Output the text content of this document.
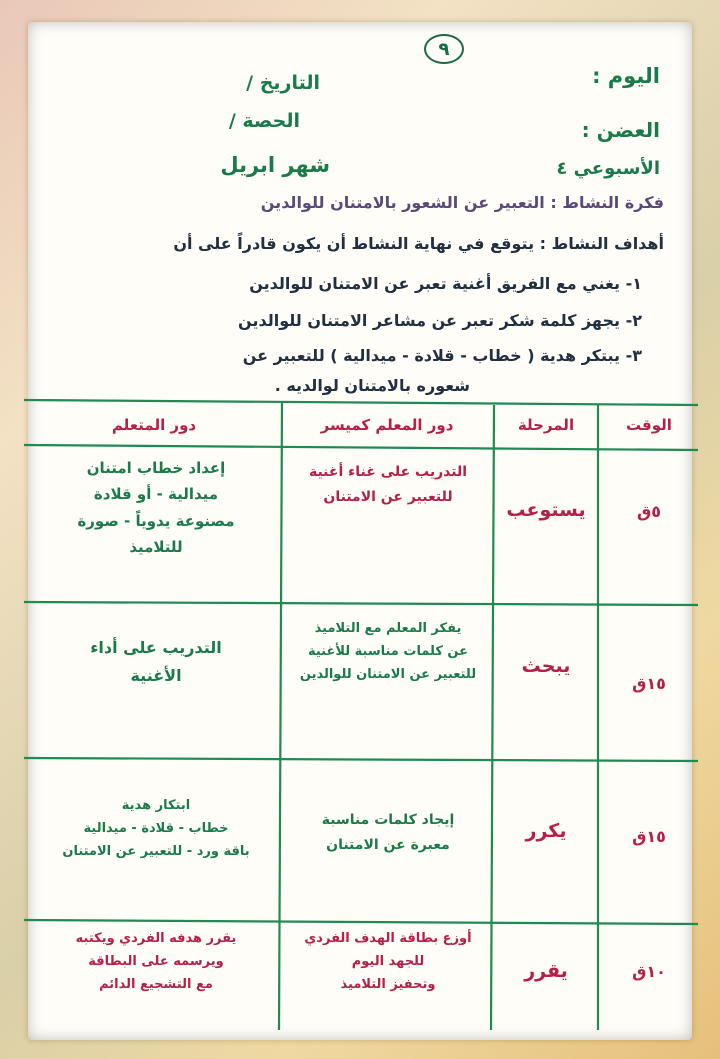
٩
اليوم :
التاريخ /
العضن :
الحصة /
الأسبوعي ٤
شهر ابريل
فكرة النشاط : التعبير عن الشعور بالامتنان للوالدين
أهداف النشاط : يتوقع في نهاية النشاط أن يكون قادراً على أن
١- يغني مع الفريق أغنية تعبر عن الامتنان للوالدين
٢- يجهز كلمة شكر تعبر عن مشاعر الامتنان للوالدين
٣- يبتكر هدية ( خطاب - قلادة - ميدالية ) للتعبير عن
شعوره بالامتنان لوالديه .
الوقت
المرحلة
دور المعلم كميسر
دور المتعلم
٥ق
يستوعب
التدريب على غناء أغنية
للتعبير عن الامتنان
إعداد خطاب امتنان
ميدالية - أو قلادة
مصنوعة يدوياً - صورة
للتلاميذ
١٥ق
يبحث
يفكر المعلم مع التلاميذ
عن كلمات مناسبة للأغنية
للتعبير عن الامتنان للوالدين
التدريب على أداء
الأغنية
١٥ق
يكرر
إيجاد كلمات مناسبة
معبرة عن الامتنان
ابتكار هدية
خطاب - قلادة - ميدالية
باقة ورد - للتعبير عن الامتنان
١٠ق
يقرر
أوزع بطاقة الهدف الفردي
للجهد اليوم
وتحفيز التلاميذ
يقرر هدفه الفردي ويكتبه
ويرسمه على البطاقة
مع التشجيع الدائم
